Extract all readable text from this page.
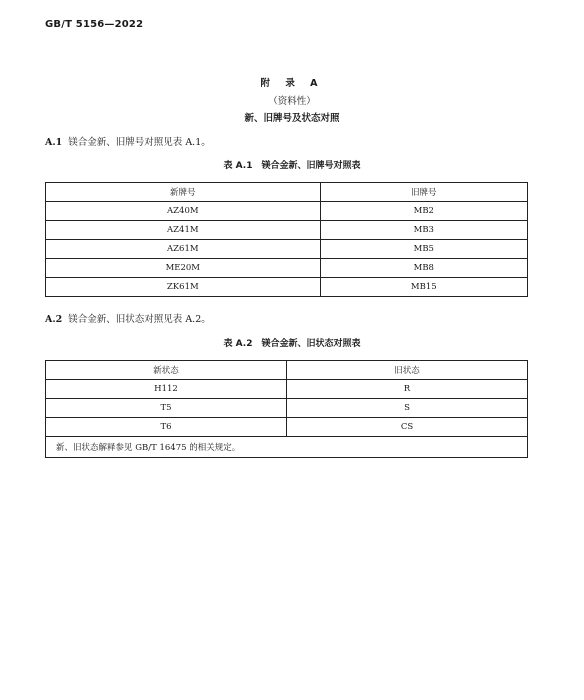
GB/T 5156—2022
附 录 A
（资料性）
新、旧牌号及状态对照
A.1 镁合金新、旧牌号对照见表 A.1。
表 A.1　镁合金新、旧牌号对照表
新牌号	旧牌号
AZ40M	MB2
AZ41M	MB3
AZ61M	MB5
ME20M	MB8
ZK61M	MB15
A.2 镁合金新、旧状态对照见表 A.2。
表 A.2　镁合金新、旧状态对照表
新状态	旧状态
H112	R
T5	S
T6	CS
新、旧状态解释参见 GB/T 16475 的相关规定。	
